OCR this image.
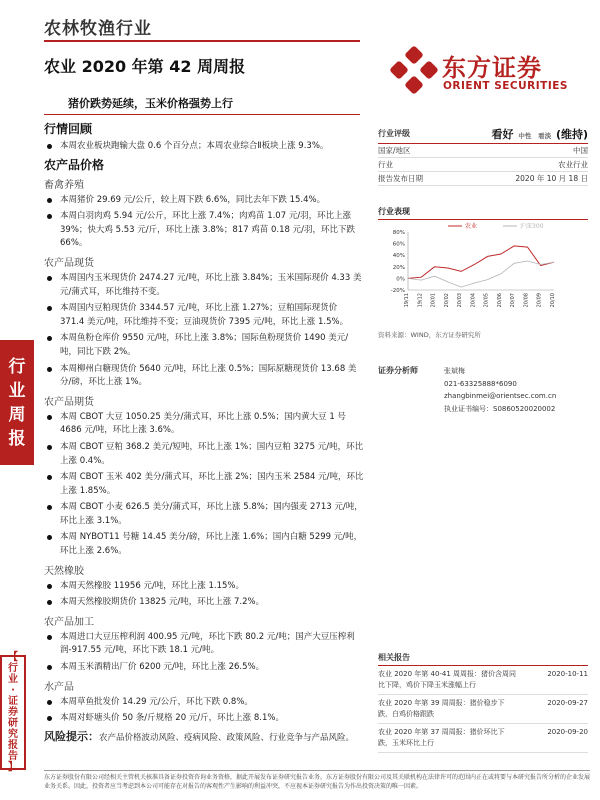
农林牧渔行业
农业 2020 年第 42 周周报
猪价跌势延续，玉米价格强势上行
东方证券
ORIENT SECURITIES
行
业
周
报
【
行
业
·
证
券
研
究
报
告
】
行情回顾
本周农业板块跑输大盘 0.6 个百分点；本周农业综合Ⅱ板块上涨 9.3%。
农产品价格
畜禽养殖
本周猪价 29.69 元/公斤，较上周下跌 6.6%，同比去年下跌 15.4%。
本周白羽肉鸡 5.94 元/公斤，环比上涨 7.4%；肉鸡苗 1.07 元/羽，环比上涨 39%；快大鸡 5.53 元/斤，环比上涨 3.8%；817 鸡苗 0.18 元/羽，环比下跌 66%。
农产品现货
本周国内玉米现货价 2474.27 元/吨，环比上涨 3.84%；玉米国际现价 4.33 美元/蒲式耳，环比维持不变。
本周国内豆粕现货价 3344.57 元/吨，环比上涨 1.27%；豆粕国际现货价 371.4 美元/吨，环比维持不变；豆油现货价 7395 元/吨，环比上涨 1.5%。
本周鱼粉仓库价 9550 元/吨，环比上涨 3.8%；国际鱼粉现货价 1490 美元/吨，同比下跌 2%。
本周柳州白糖现货价 5640 元/吨，环比上涨 0.5%；国际原糖现货价 13.68 美分/磅，环比上涨 1%。
农产品期货
本周 CBOT 大豆 1050.25 美分/蒲式耳，环比上涨 0.5%；国内黄大豆 1 号 4686 元/吨，环比上涨 3.6%。
本周 CBOT 豆粕 368.2 美元/短吨，环比上涨 1%；国内豆粕 3275 元/吨，环比上涨 0.4%。
本周 CBOT 玉米 402 美分/蒲式耳，环比上涨 2%；国内玉米 2584 元/吨，环比上涨 1.85%。
本周 CBOT 小麦 626.5 美分/蒲式耳，环比上涨 5.8%；国内强麦 2713 元/吨，环比上涨 3.1%。
本周 NYBOT11 号糖 14.45 美分/磅，环比上涨 1.6%；国内白糖 5299 元/吨，环比上涨 2.6%。
天然橡胶
本周天然橡胶 11956 元/吨，环比上涨 1.15%。
本周天然橡胶期货价 13825 元/吨，环比上涨 7.2%。
农产品加工
本周进口大豆压榨利润 400.95 元/吨，环比下跌 80.2 元/吨；国产大豆压榨利润-917.55 元/吨，环比下跌 18.1 元/吨。
本周玉米酒精出厂价 6200 元/吨，环比上涨 26.5%。
水产品
本周草鱼批发价 14.29 元/公斤，环比下跌 0.8%。
本周对虾塘头价 50 条/斤规格 20 元/斤，环比上涨 8.1%。
风险提示：农产品价格波动风险、疫病风险、政策风险、行业竞争与产品风险。
行业评级	看好 中性 看淡 (维持)
国家/地区	中国
行业	农业行业
报告发布日期	2020 年 10 月 18 日
行业表现
80%
60%
40%
20%
0%
-20%
19/11 19/12 20/01 20/02 20/03 20/04 20/05 20/06 20/07 20/08 20/09 20/10
农业	沪深300
资料来源：WIND，东方证券研究所
证券分析师	张斌梅
021-63325888*6090
zhangbinmei@orientsec.com.cn
执业证书编号：S0860520020002
相关报告
农业 2020 年第 40-41 周周报：猪价含周同比下降，鸡价下降玉米涨幅上行
2020-10-11
农业 2020 年第 39 周周报：猪价稳步下跌，白鸡价格跟跌
2020-09-27
农业 2020 年第 37 周周报：猪价环比下跌，玉米环比上行
2020-09-20
东方证券股份有限公司经相关主管机关核准具备证券投资咨询业务资格，据此开展发布证券研究报告业务。东方证券股份有限公司及其关联机构在法律许可的范围内正在或将要与本研究报告所分析的企业发展业务关系。因此，投资者应当考虑到本公司可能存在对报告的客观性产生影响的利益冲突，不应视本证券研究报告为作出投资决策的唯一因素。
